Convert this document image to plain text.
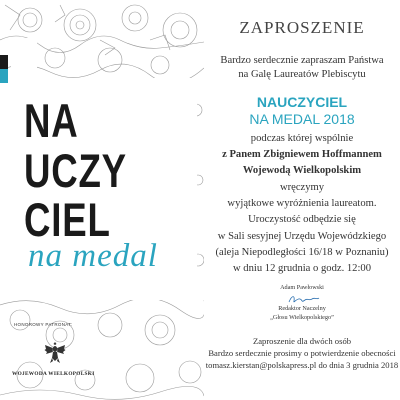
NA
UCZY
CIEL
na medal
HONOROWY PATRONAT:
WOJEWODA WIELKOPOLSKI
ZAPROSZENIE
Bardzo serdecznie zapraszam Państwa
na Galę Laureatów Plebiscytu
NAUCZYCIEL
NA MEDAL 2018
podczas której wspólnie
z Panem Zbigniewem Hoffmannem
Wojewodą Wielkopolskim
wręczymy
wyjątkowe wyróżnienia laureatom.
Uroczystość odbędzie się
w Sali sesyjnej Urzędu Wojewódzkiego
(aleja Niepodległości 16/18 w Poznaniu)
w dniu 12 grudnia o godz. 12:00
Adam Pawłowski
Redaktor Naczelny
„Głosu Wielkopolskiego”
Zaproszenie dla dwóch osób
Bardzo serdecznie prosimy o potwierdzenie obecności
tomasz.kierstan@polskapress.pl do dnia 3 grudnia 2018
